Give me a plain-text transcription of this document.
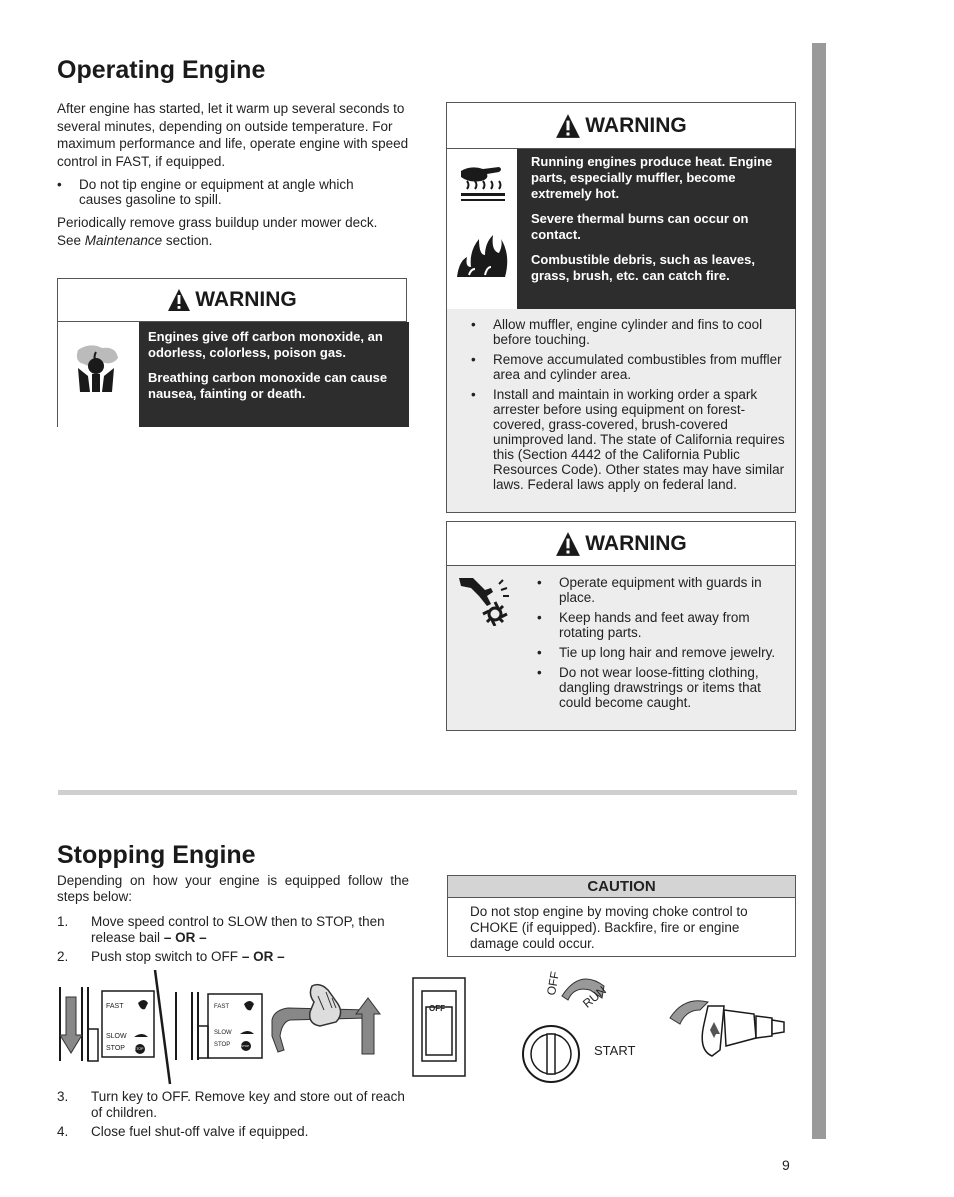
Operating Engine

After engine has started, let it warm up several seconds to several minutes, depending on outside temperature. For maximum performance and life, operate engine with speed control in FAST, if equipped.

• Do not tip engine or equipment at angle which causes gasoline to spill.

Periodically remove grass buildup under mower deck. See Maintenance section.

WARNING

Engines give off carbon monoxide, an odorless, colorless, poison gas.

Breathing carbon monoxide can cause nausea, fainting or death.

WARNING

Running engines produce heat. Engine parts, especially muffler, become extremely hot.

Severe thermal burns can occur on contact.

Combustible debris, such as leaves, grass, brush, etc. can catch fire.

• Allow muffler, engine cylinder and fins to cool before touching.
• Remove accumulated combustibles from muffler area and cylinder area.
• Install and maintain in working order a spark arrester before using equipment on forest-covered, grass-covered, brush-covered unimproved land. The state of California requires this (Section 4442 of the California Public Resources Code). Other states may have similar laws. Federal laws apply on federal land.
WARNING
• Operate equipment with guards in place.
• Keep hands and feet away from rotating parts.
• Tie up long hair and remove jewelry.
• Do not wear loose-fitting clothing, dangling drawstrings or items that could become caught.
Stopping Engine

Depending on how your engine is equipped follow the steps below:

1. Move speed control to SLOW then to STOP, then release bail – OR –
2. Push stop switch to OFF – OR –
3. Turn key to OFF. Remove key and store out of reach of children.
4. Close fuel shut-off valve if equipped.
CAUTION
Do not stop engine by moving choke control to CHOKE (if equipped). Backfire, fire or engine damage could occur.
FAST
SLOW
STOP	STOP
FAST
SLOW
STOP	STOP
OFF
OFF RUN
START
9
